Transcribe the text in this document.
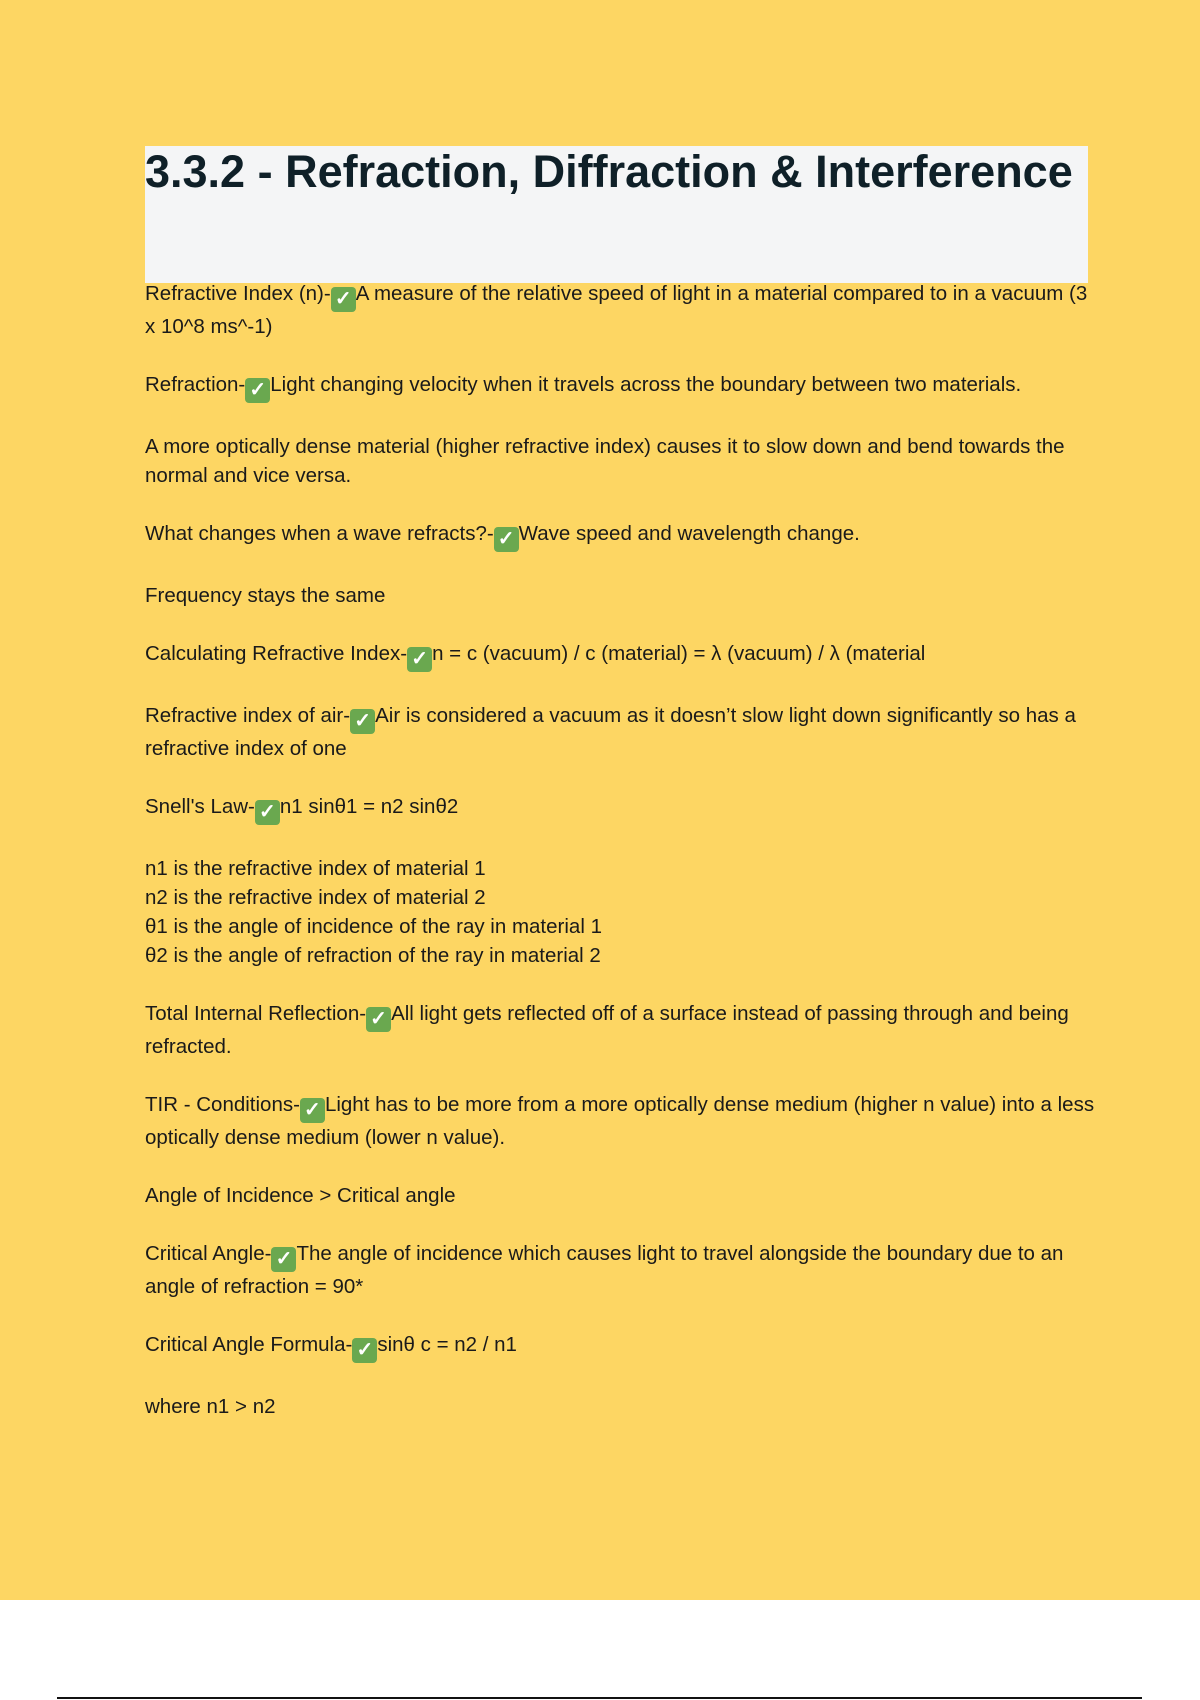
3.3.2 - Refraction, Diffraction & Interference

Refractive Index (n)- ✓ A measure of the relative speed of light in a material compared to in a vacuum (3 x 10^8 ms^-1)

Refraction- ✓ Light changing velocity when it travels across the boundary between two materials.

A more optically dense material (higher refractive index) causes it to slow down and bend towards the normal and vice versa.

What changes when a wave refracts?- ✓ Wave speed and wavelength change.

Frequency stays the same

Calculating Refractive Index- ✓ n = c (vacuum) / c (material) = λ (vacuum) / λ (material

Refractive index of air- ✓ Air is considered a vacuum as it doesn’t slow light down significantly so has a refractive index of one

Snell's Law- ✓ n1 sinθ1 = n2 sinθ2

n1 is the refractive index of material 1
n2 is the refractive index of material 2
θ1 is the angle of incidence of the ray in material 1
θ2 is the angle of refraction of the ray in material 2

Total Internal Reflection- ✓ All light gets reflected off of a surface instead of passing through and being refracted.

TIR - Conditions- ✓ Light has to be more from a more optically dense medium (higher n value) into a less optically dense medium (lower n value).

Angle of Incidence > Critical angle

Critical Angle- ✓ The angle of incidence which causes light to travel alongside the boundary due to an angle of refraction = 90*

Critical Angle Formula- ✓ sinθ c = n2 / n1

where n1 > n2
